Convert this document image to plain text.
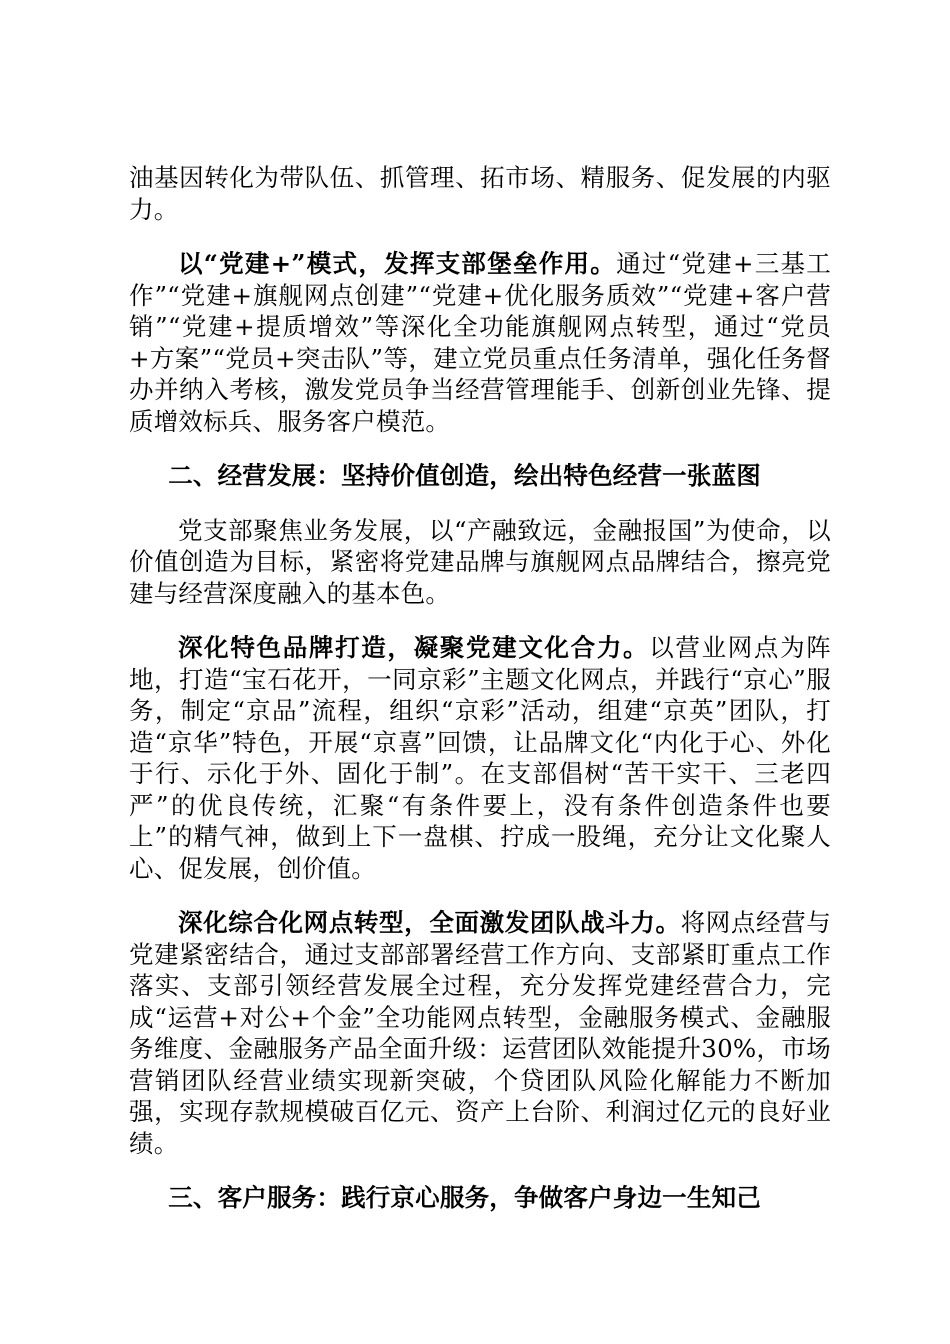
油基因转化为带队伍、抓管理、拓市场、精服务、促发展的内驱力。

以“党建+”模式，发挥支部堡垒作用。通过“党建+三基工作”“党建+旗舰网点创建”“党建+优化服务质效”“党建+客户营销”“党建+提质增效”等深化全功能旗舰网点转型，通过“党员+方案”“党员+突击队”等，建立党员重点任务清单，强化任务督办并纳入考核，激发党员争当经营管理能手、创新创业先锋、提质增效标兵、服务客户模范。

二、经营发展：坚持价值创造，绘出特色经营一张蓝图

党支部聚焦业务发展，以“产融致远，金融报国”为使命，以价值创造为目标，紧密将党建品牌与旗舰网点品牌结合，擦亮党建与经营深度融入的基本色。

深化特色品牌打造，凝聚党建文化合力。以营业网点为阵地，打造“宝石花开，一同京彩”主题文化网点，并践行“京心”服务，制定“京品”流程，组织“京彩”活动，组建“京英”团队，打造“京华”特色，开展“京喜”回馈，让品牌文化“内化于心、外化于行、示化于外、固化于制”。在支部倡树“苦干实干、三老四严”的优良传统，汇聚“有条件要上，没有条件创造条件也要上”的精气神，做到上下一盘棋、拧成一股绳，充分让文化聚人心、促发展，创价值。

深化综合化网点转型，全面激发团队战斗力。将网点经营与党建紧密结合，通过支部部署经营工作方向、支部紧盯重点工作落实、支部引领经营发展全过程，充分发挥党建经营合力，完成“运营+对公+个金”全功能网点转型，金融服务模式、金融服务维度、金融服务产品全面升级：运营团队效能提升30%，市场营销团队经营业绩实现新突破，个贷团队风险化解能力不断加强，实现存款规模破百亿元、资产上台阶、利润过亿元的良好业绩。

三、客户服务：践行京心服务，争做客户身边一生知己
